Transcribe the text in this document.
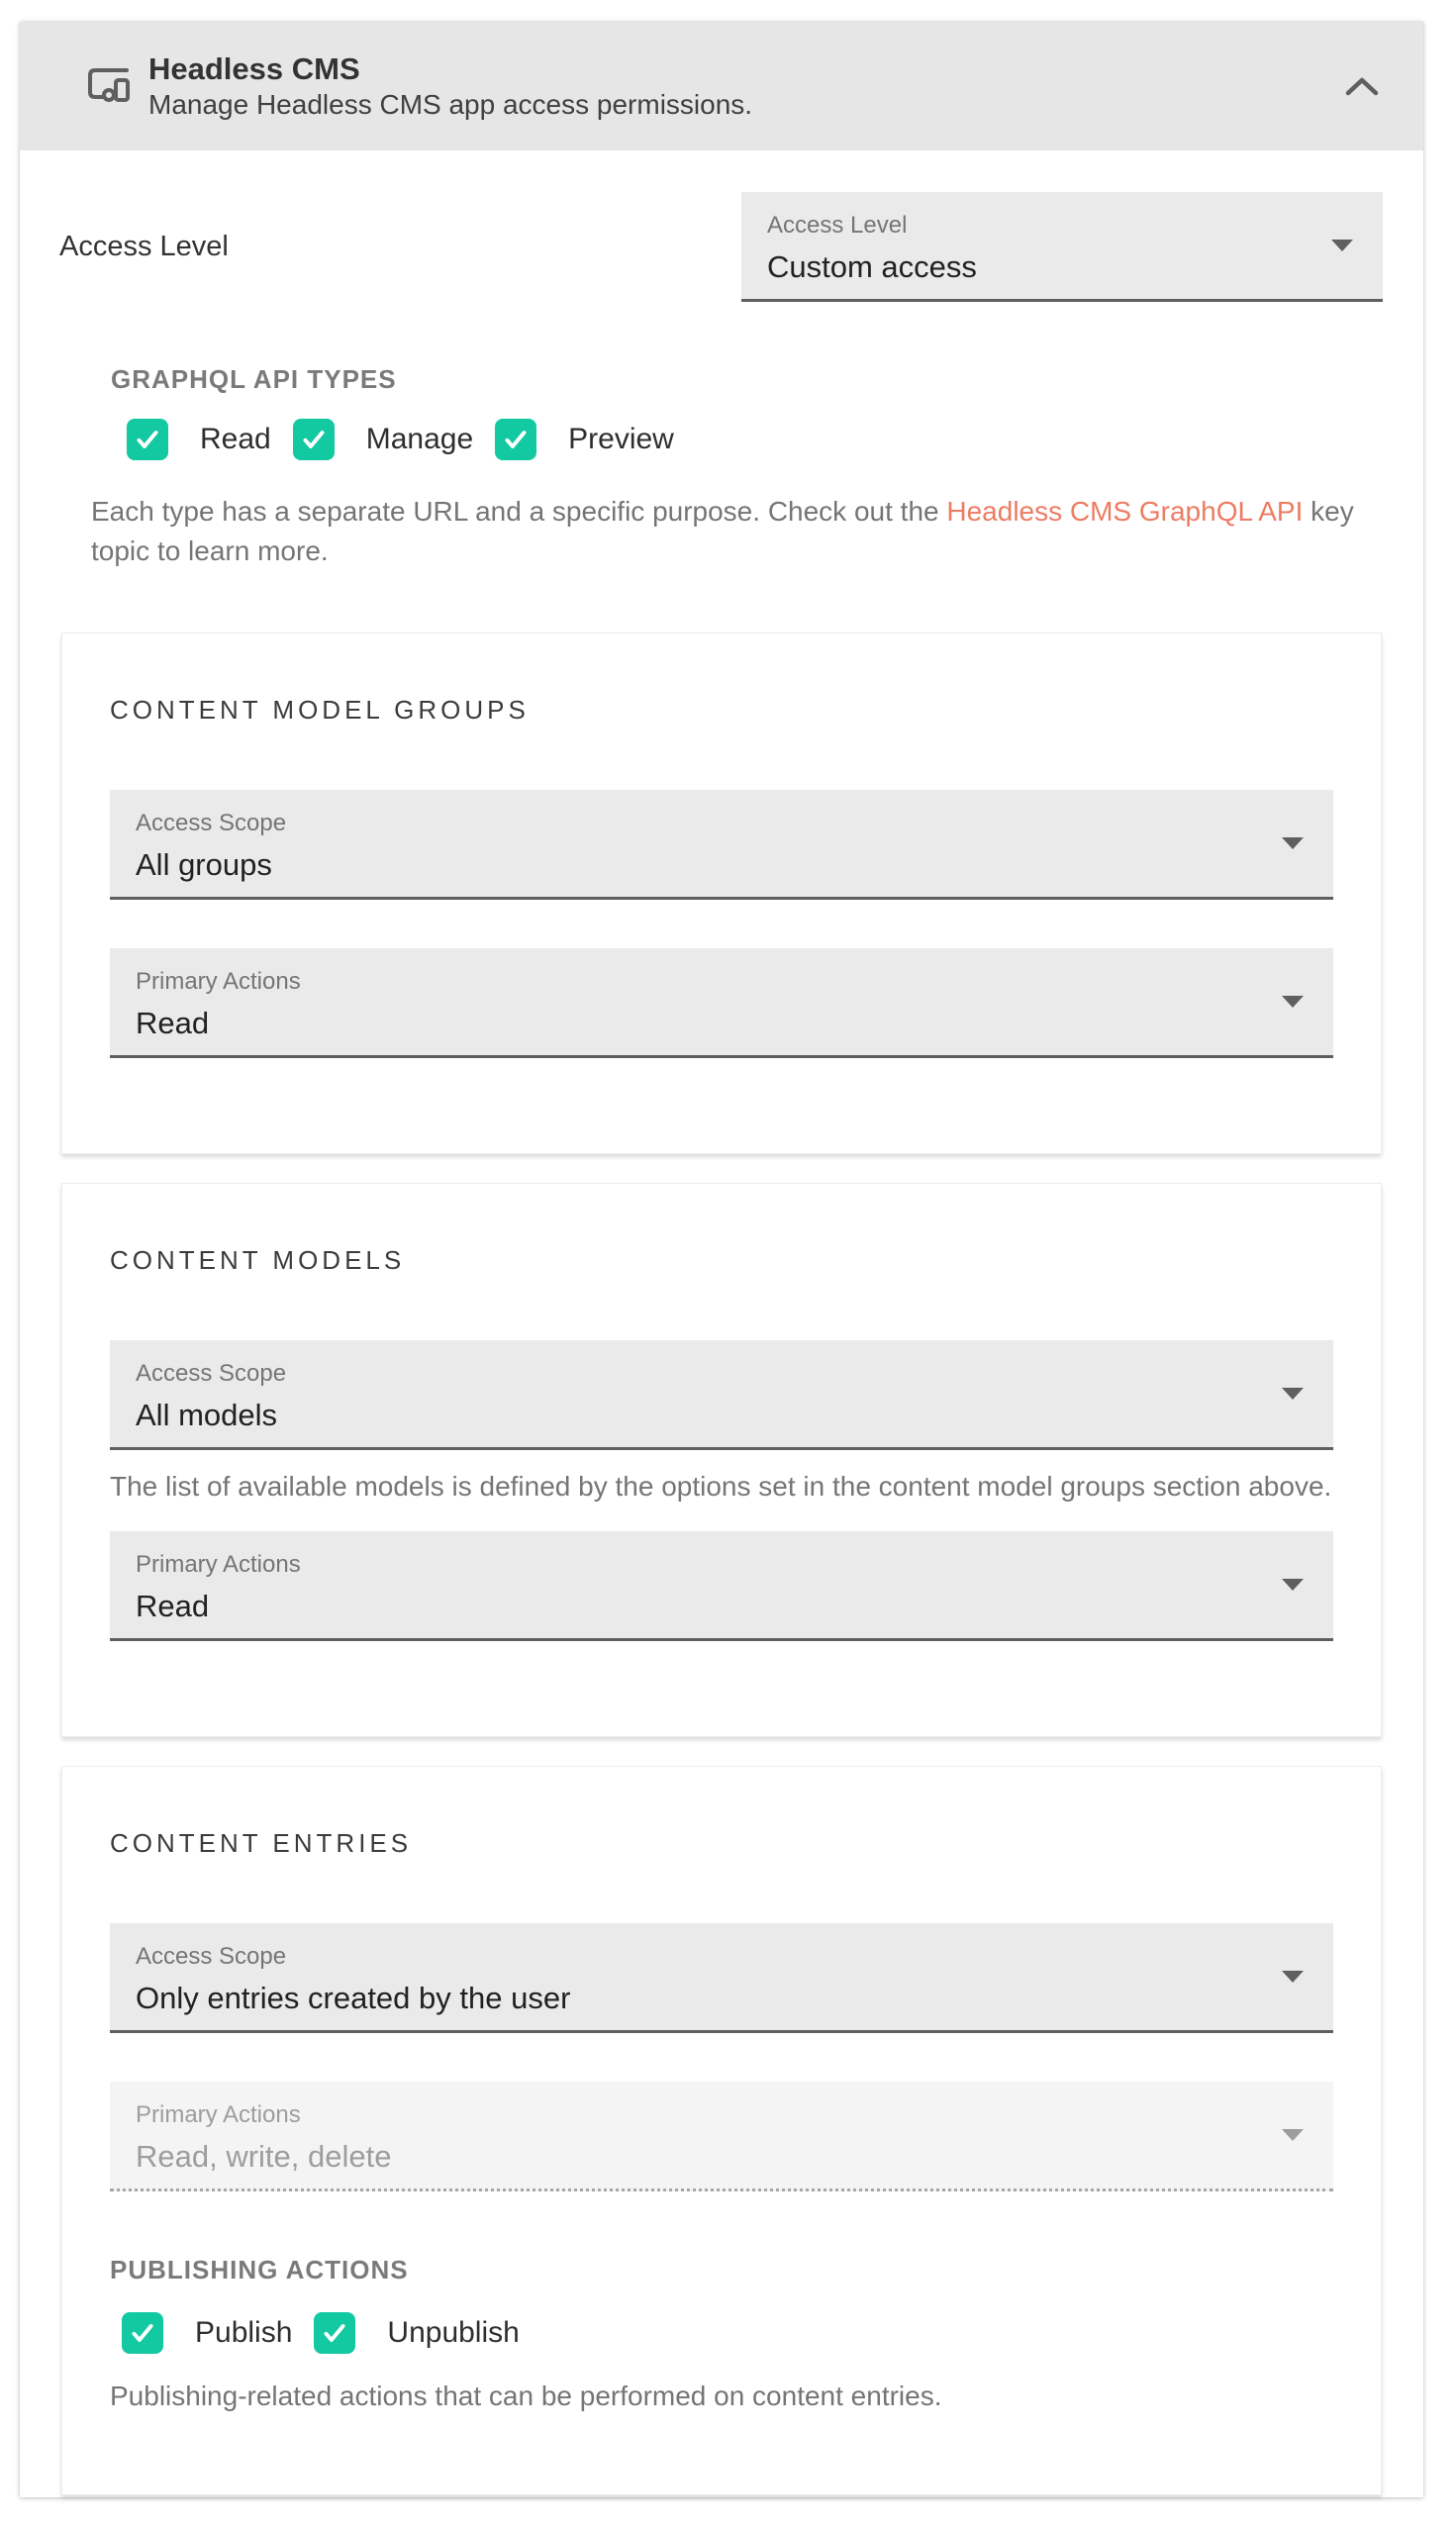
Headless CMS
Manage Headless CMS app access permissions.
Access Level
Access Level
Custom access
GRAPHQL API TYPES
Read	Manage	Preview

Each type has a separate URL and a specific purpose. Check out the Headless CMS GraphQL API key topic to learn more.

CONTENT MODEL GROUPS
Access Scope
All groups
Primary Actions
Read
CONTENT MODELS
Access Scope
All models
The list of available models is defined by the options set in the content model groups section above.
Primary Actions
Read
CONTENT ENTRIES
Access Scope
Only entries created by the user
Primary Actions
Read, write, delete
PUBLISHING ACTIONS
Publish	Unpublish
Publishing-related actions that can be performed on content entries.
